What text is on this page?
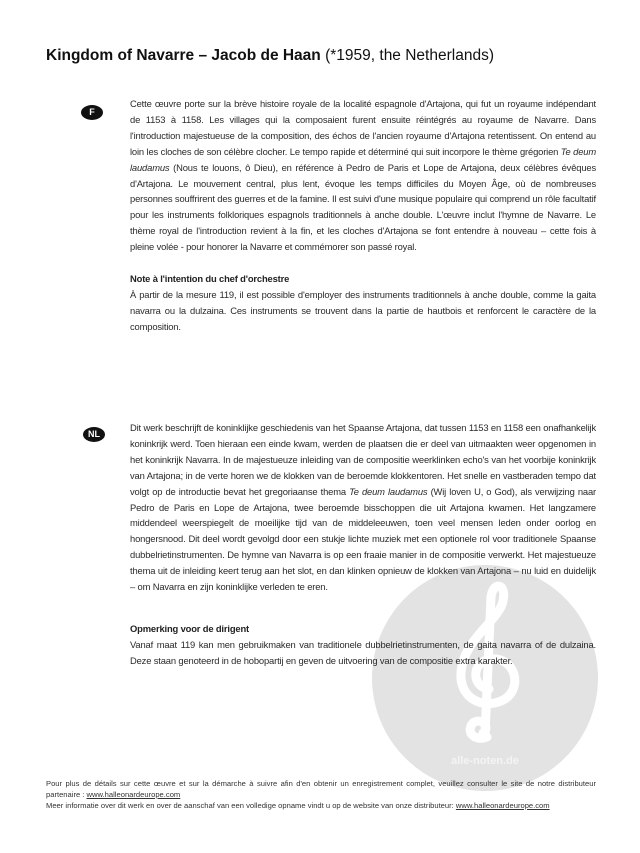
alle-noten.de
Kingdom of Navarre – Jacob de Haan (*1959, the Netherlands)
F

Cette œuvre porte sur la brève histoire royale de la localité espagnole d'Artajona, qui fut un royaume indépendant de 1153 à 1158. Les villages qui la composaient furent ensuite réintégrés au royaume de Navarre. Dans l'introduction majestueuse de la composition, des échos de l'ancien royaume d'Artajona retentissent. On entend au loin les cloches de son célèbre clocher. Le tempo rapide et déterminé qui suit incorpore le thème grégorien Te deum laudamus (Nous te louons, ô Dieu), en référence à Pedro de Paris et Lope de Artajona, deux célèbres évêques d'Artajona. Le mouvement central, plus lent, évoque les temps difficiles du Moyen Âge, où de nombreuses personnes souffrirent des guerres et de la famine. Il est suivi d'une musique populaire qui comprend un rôle facultatif pour les instruments folkloriques espagnols traditionnels à anche double. L'œuvre inclut l'hymne de Navarre. Le thème royal de l'introduction revient à la fin, et les cloches d'Artajona se font entendre à nouveau – cette fois à pleine volée - pour honorer la Navarre et commémorer son passé royal.

Note à l'intention du chef d'orchestre

À partir de la mesure 119, il est possible d'employer des instruments traditionnels à anche double, comme la gaita navarra ou la dulzaina. Ces instruments se trouvent dans la partie de hautbois et renforcent le caractère de la composition.

NL

Dit werk beschrijft de koninklijke geschiedenis van het Spaanse Artajona, dat tussen 1153 en 1158 een onafhankelijk koninkrijk werd. Toen hieraan een einde kwam, werden de plaatsen die er deel van uitmaakten weer opgenomen in het koninkrijk Navarra. In de majestueuze inleiding van de compositie weerklinken echo's van het voorbije koninkrijk van Artajona; in de verte horen we de klokken van de beroemde klokkentoren. Het snelle en vastberaden tempo dat volgt op de introductie bevat het gregoriaanse thema Te deum laudamus (Wij loven U, o God), als verwijzing naar Pedro de Paris en Lope de Artajona, twee beroemde bisschoppen die uit Artajona kwamen. Het langzamere middendeel weerspiegelt de moeilijke tijd van de middeleeuwen, toen veel mensen leden onder oorlog en hongersnood. Dit deel wordt gevolgd door een stukje lichte muziek met een optionele rol voor traditionele Spaanse dubbelrietinstrumenten. De hymne van Navarra is op een fraaie manier in de compositie verwerkt. Het majestueuze thema uit de inleiding keert terug aan het slot, en dan klinken opnieuw de klokken van Artajona – nu luid en duidelijk – om Navarra en zijn koninklijke verleden te eren.

Opmerking voor de dirigent

Vanaf maat 119 kan men gebruikmaken van traditionele dubbelrietinstrumenten, de gaita navarra of de dulzaina. Deze staan genoteerd in de hobopartij en geven de uitvoering van de compositie extra karakter.

Pour plus de détails sur cette œuvre et sur la démarche à suivre afin d'en obtenir un enregistrement complet, veuillez consulter le site de notre distributeur partenaire : www.halleonardeurope.com
Meer informatie over dit werk en over de aanschaf van een volledige opname vindt u op de website van onze distributeur: www.halleonardeurope.com
